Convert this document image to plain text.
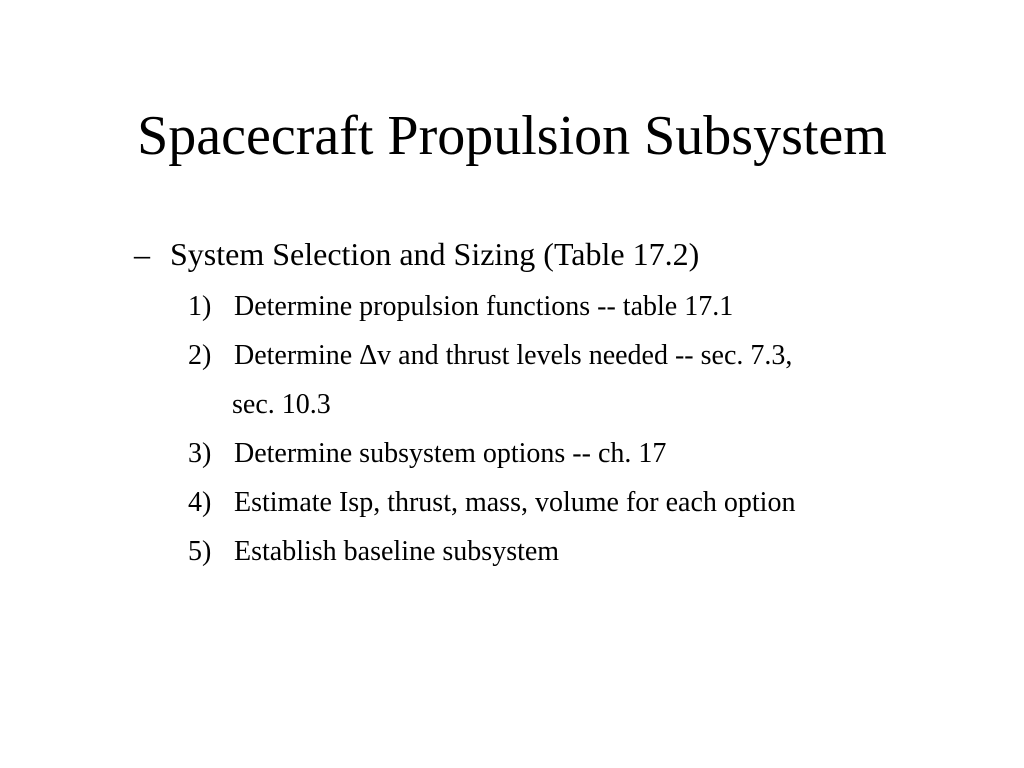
Spacecraft Propulsion Subsystem
– System Selection and Sizing (Table 17.2)
1) Determine propulsion functions -- table 17.1
2) Determine Δv and thrust levels needed -- sec. 7.3,
sec. 10.3
3) Determine subsystem options -- ch. 17
4) Estimate Isp, thrust, mass, volume for each option
5) Establish baseline subsystem
